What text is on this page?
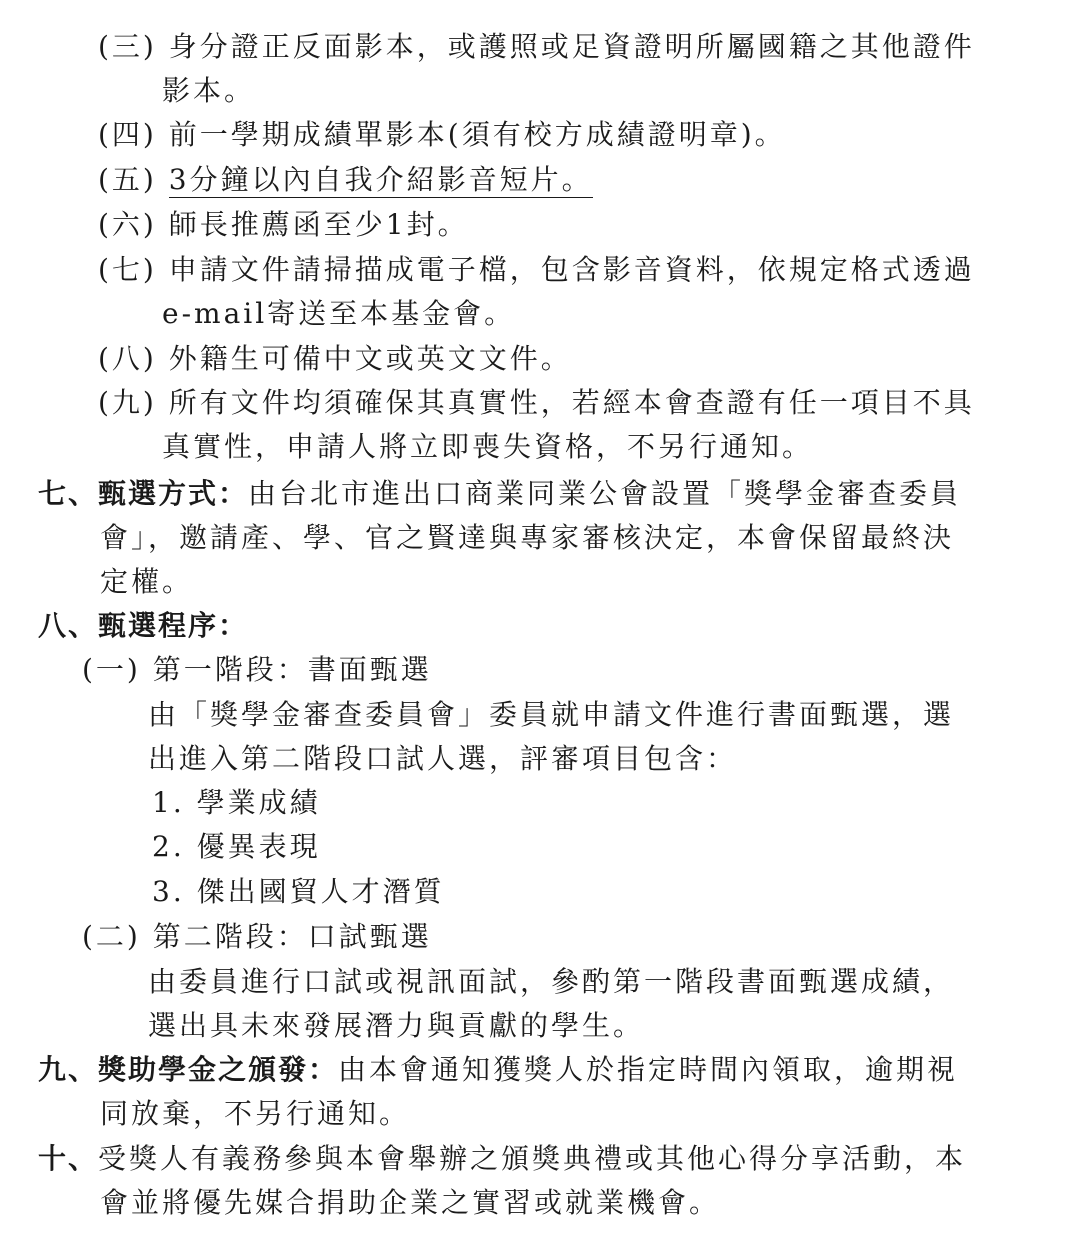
(三) 身分證正反面影本，或護照或足資證明所屬國籍之其他證件
影本。
(四) 前一學期成績單影本(須有校方成績證明章)。
(五) 3分鐘以內自我介紹影音短片。
(六) 師長推薦函至少1封。
(七) 申請文件請掃描成電子檔，包含影音資料，依規定格式透過
e-mail寄送至本基金會。
(八) 外籍生可備中文或英文文件。
(九) 所有文件均須確保其真實性，若經本會查證有任一項目不具
真實性，申請人將立即喪失資格，不另行通知。
七、甄選方式：由台北市進出口商業同業公會設置「獎學金審查委員
會」，邀請產、學、官之賢達與專家審核決定，本會保留最終決
定權。
八、甄選程序：
(一) 第一階段：書面甄選
由「獎學金審查委員會」委員就申請文件進行書面甄選，選
出進入第二階段口試人選，評審項目包含：
1. 學業成績
2. 優異表現
3. 傑出國貿人才潛質
(二) 第二階段：口試甄選
由委員進行口試或視訊面試，參酌第一階段書面甄選成績，
選出具未來發展潛力與貢獻的學生。
九、獎助學金之頒發：由本會通知獲獎人於指定時間內領取，逾期視
同放棄，不另行通知。
十、受獎人有義務參與本會舉辦之頒獎典禮或其他心得分享活動，本
會並將優先媒合捐助企業之實習或就業機會。
